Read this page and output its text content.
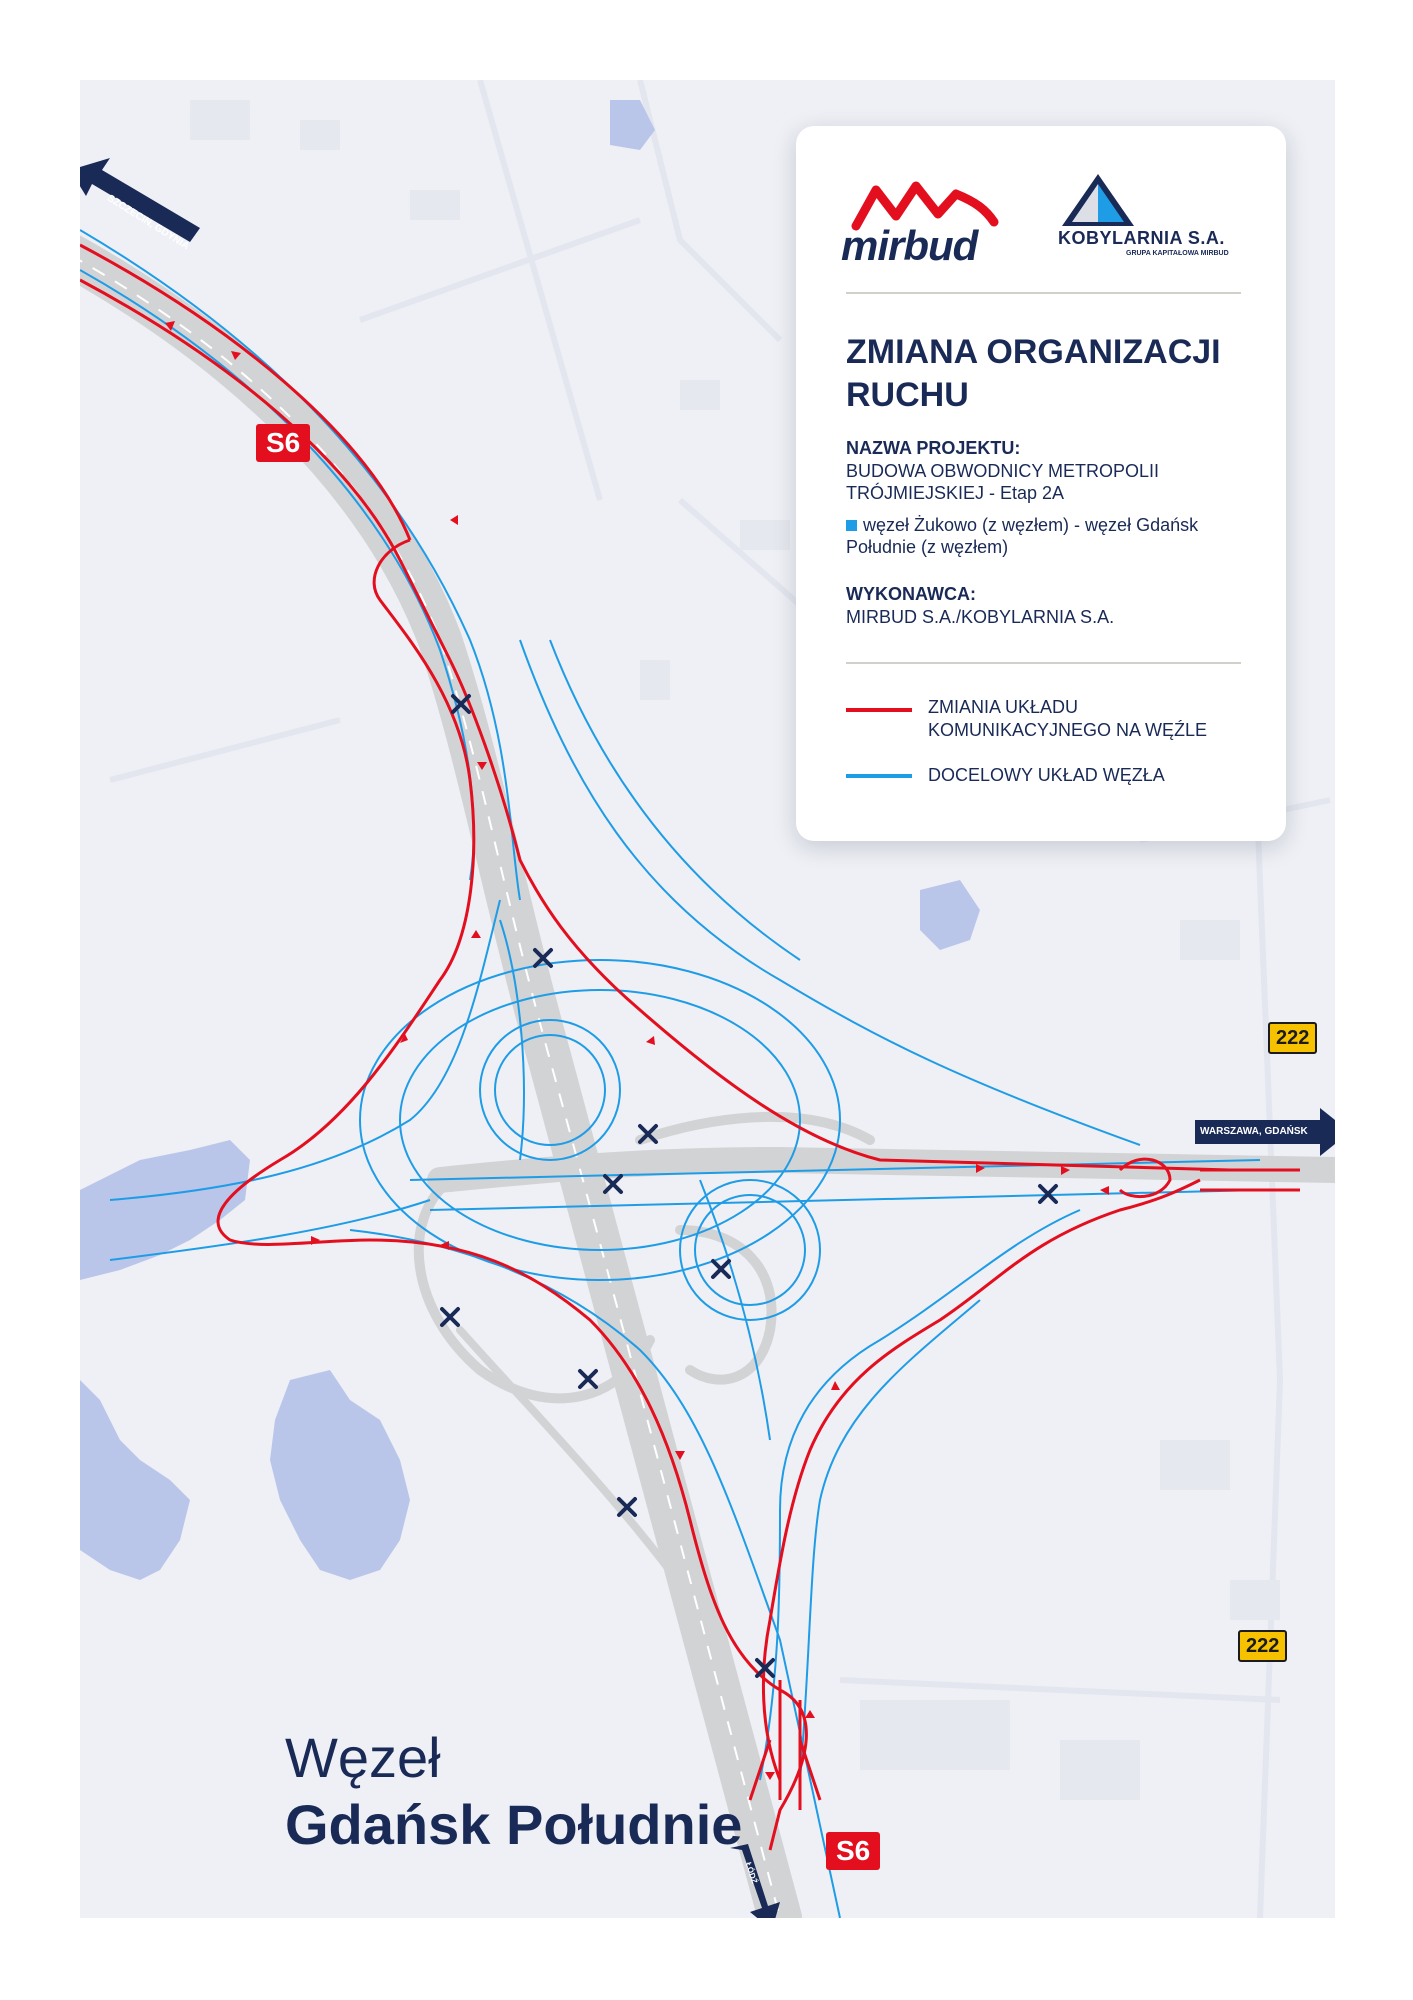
SZCZECIN, GDYNIA
WARSZAWA, GDAŃSK
ŁÓDŹ
S6
S6
222
222
Węzeł
Gdańsk Południe
mirbud	KOBYLARNIA S.A.
GRUPA KAPITAŁOWA MIRBUD
ZMIANA ORGANIZACJI RUCHU
NAZWA PROJEKTU:
BUDOWA OBWODNICY METROPOLII TRÓJMIEJSKIEJ - Etap 2A
węzeł Żukowo (z węzłem) - węzeł Gdańsk Południe (z węzłem)
WYKONAWCA:
MIRBUD S.A./KOBYLARNIA S.A.
ZMIANIA UKŁADU KOMUNIKACYJNEGO NA WĘŹLE
DOCELOWY UKŁAD WĘZŁA
